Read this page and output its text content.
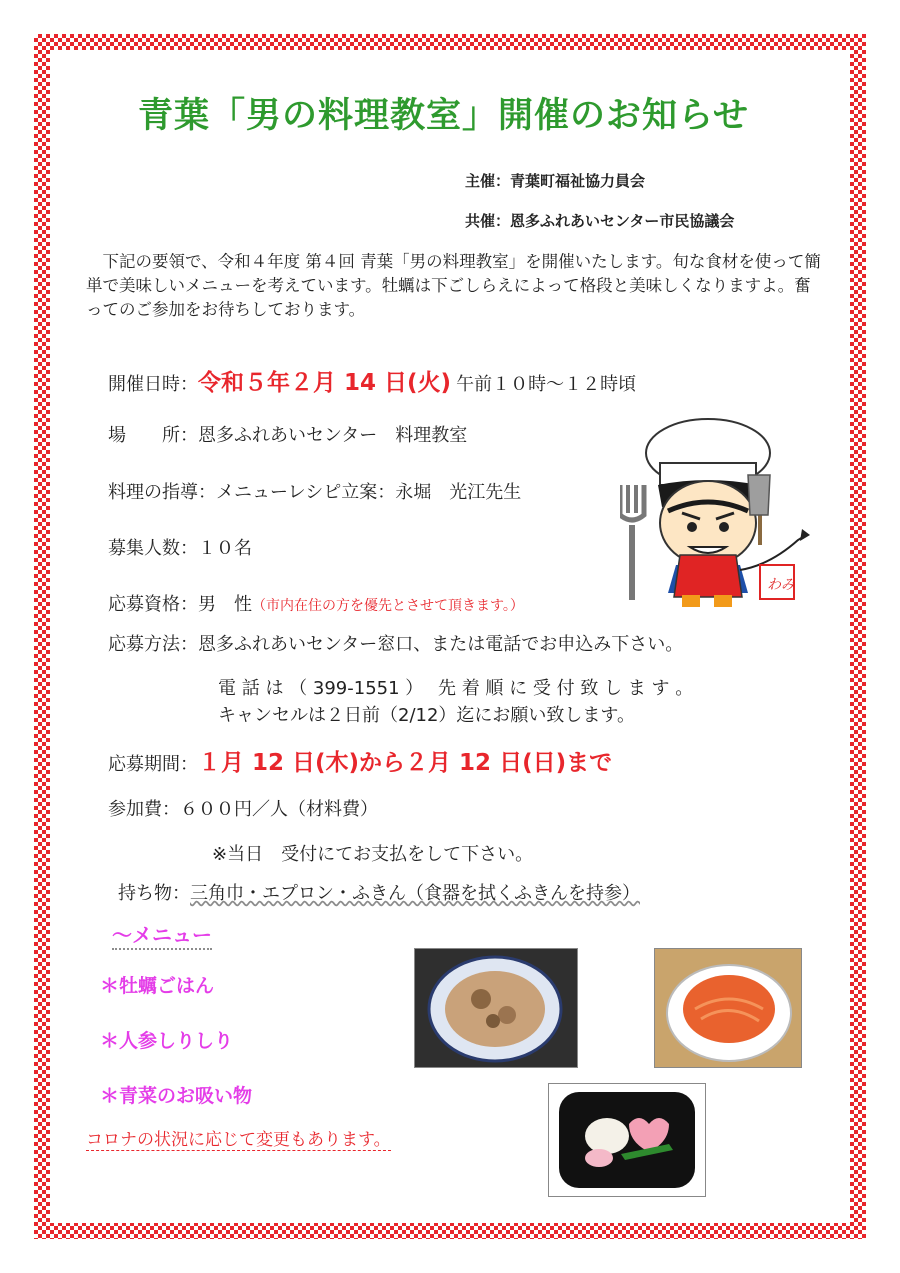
青葉「男の料理教室」開催のお知らせ
主催：青葉町福祉協力員会
共催：恩多ふれあいセンター市民協議会
　下記の要領で、令和４年度 第４回 青葉「男の料理教室」を開催いたします。旬な食材を使って簡単で美味しいメニューを考えています。牡蠣は下ごしらえによって格段と美味しくなりますよ。奮ってのご参加をお待ちしております。
開催日時：令和５年２月 14 日(火) 午前１０時～１２時頃
場　　所：恩多ふれあいセンター　料理教室
料理の指導：メニューレシピ立案：永堀　光江先生
募集人数：１０名
応募資格：男　性（市内在住の方を優先とさせて頂きます。）
応募方法：恩多ふれあいセンター窓口、または電話でお申込み下さい。
電 話 は （ 399-1551 ）　 先 着 順 に 受 付 致 し ま す 。
キャンセルは２日前（2/12）迄にお願い致します。
応募期間：１月 12 日(木)から２月 12 日(日)まで
参加費：６００円／人（材料費）
※当日　受付にてお支払をして下さい。
持ち物：三角巾・エプロン・ふきん（食器を拭くふきんを持参）
～メニュー
＊牡蠣ごはん
＊人参しりしり
＊青菜のお吸い物
コロナの状況に応じて変更もあります。
わみ
